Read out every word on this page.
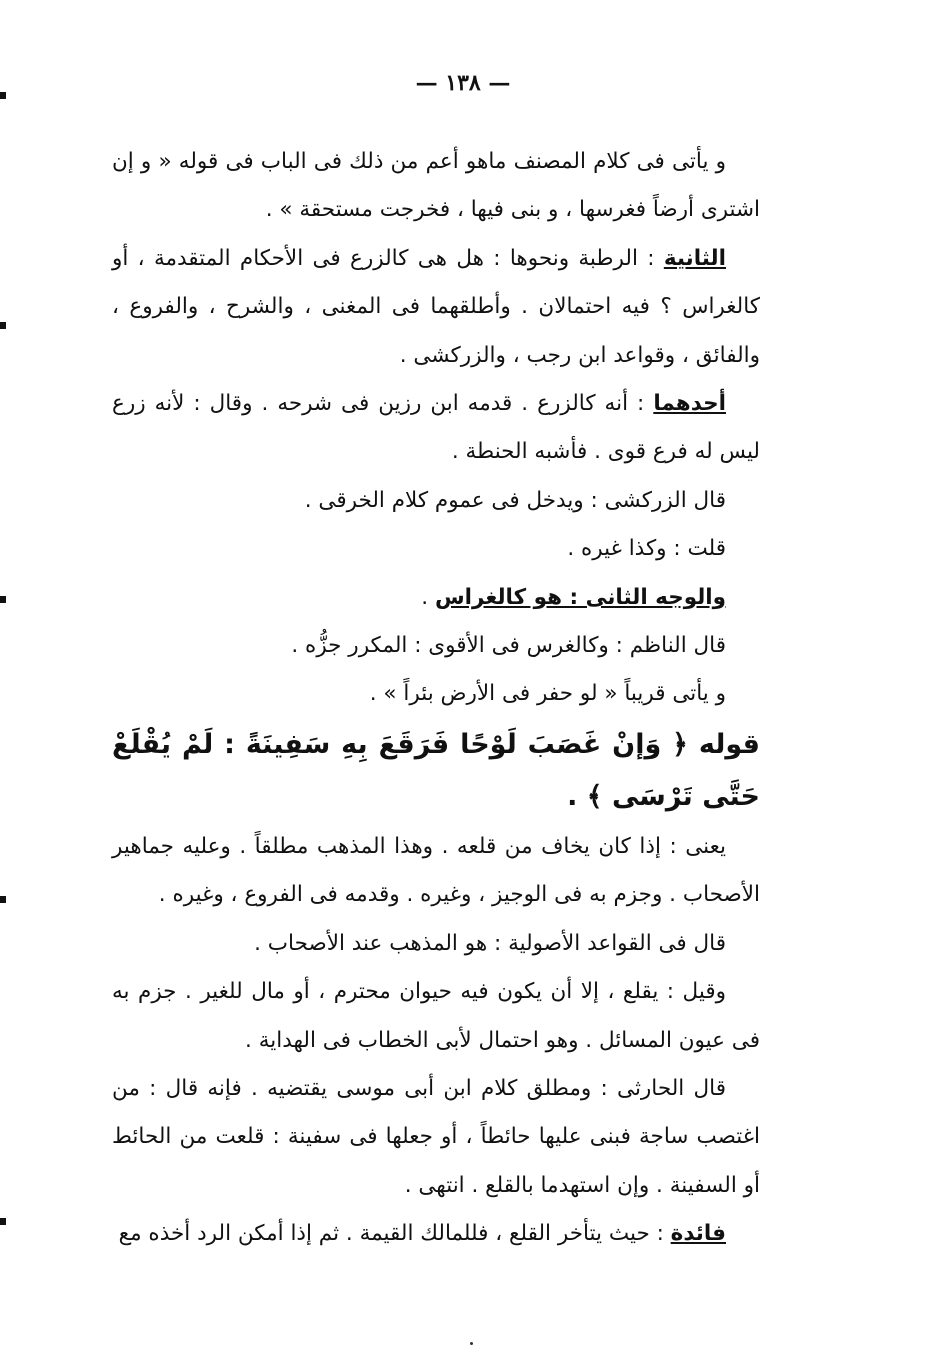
— ١٣٨ —

و يأتى فى كلام المصنف ماهو أعم من ذلك فى الباب فى قوله « و إن اشترى أرضاً فغرسها ، و بنى فيها ، فخرجت مستحقة » .

الثانية : الرطبة ونحوها : هل هى كالزرع فى الأحكام المتقدمة ، أو كالغراس ؟ فيه احتمالان . وأطلقهما فى المغنى ، والشرح ، والفروع ، والفائق ، وقواعد ابن رجب ، والزركشى .

أحدهما : أنه كالزرع . قدمه ابن رزين فى شرحه . وقال : لأنه زرع ليس له فرع قوى . فأشبه الحنطة .

قال الزركشى : ويدخل فى عموم كلام الخرقى .

قلت : وكذا غيره .

والوجه الثانى : هو كالغراس .

قال الناظم : وكالغرس فى الأقوى : المكرر جزُّه .

و يأتى قريباً « لو حفر فى الأرض بئراً » .

قوله ﴿ وَإنْ غَصَبَ لَوْحًا فَرَقَعَ بِهِ سَفِينَةً : لَمْ يُقْلَعْ حَتَّى تَرْسَى ﴾ .

يعنى : إذا كان يخاف من قلعه . وهذا المذهب مطلقاً . وعليه جماهير الأصحاب . وجزم به فى الوجيز ، وغيره . وقدمه فى الفروع ، وغيره .

قال فى القواعد الأصولية : هو المذهب عند الأصحاب .

وقيل : يقلع ، إلا أن يكون فيه حيوان محترم ، أو مال للغير . جزم به فى عيون المسائل . وهو احتمال لأبى الخطاب فى الهداية .

قال الحارثى : ومطلق كلام ابن أبى موسى يقتضيه . فإنه قال : من اغتصب ساجة فبنى عليها حائطاً ، أو جعلها فى سفينة : قلعت من الحائط أو السفينة . وإن استهدما بالقلع . انتهى .

فائدة : حيث يتأخر القلع ، فللمالك القيمة . ثم إذا أمكن الرد أخذه مع
